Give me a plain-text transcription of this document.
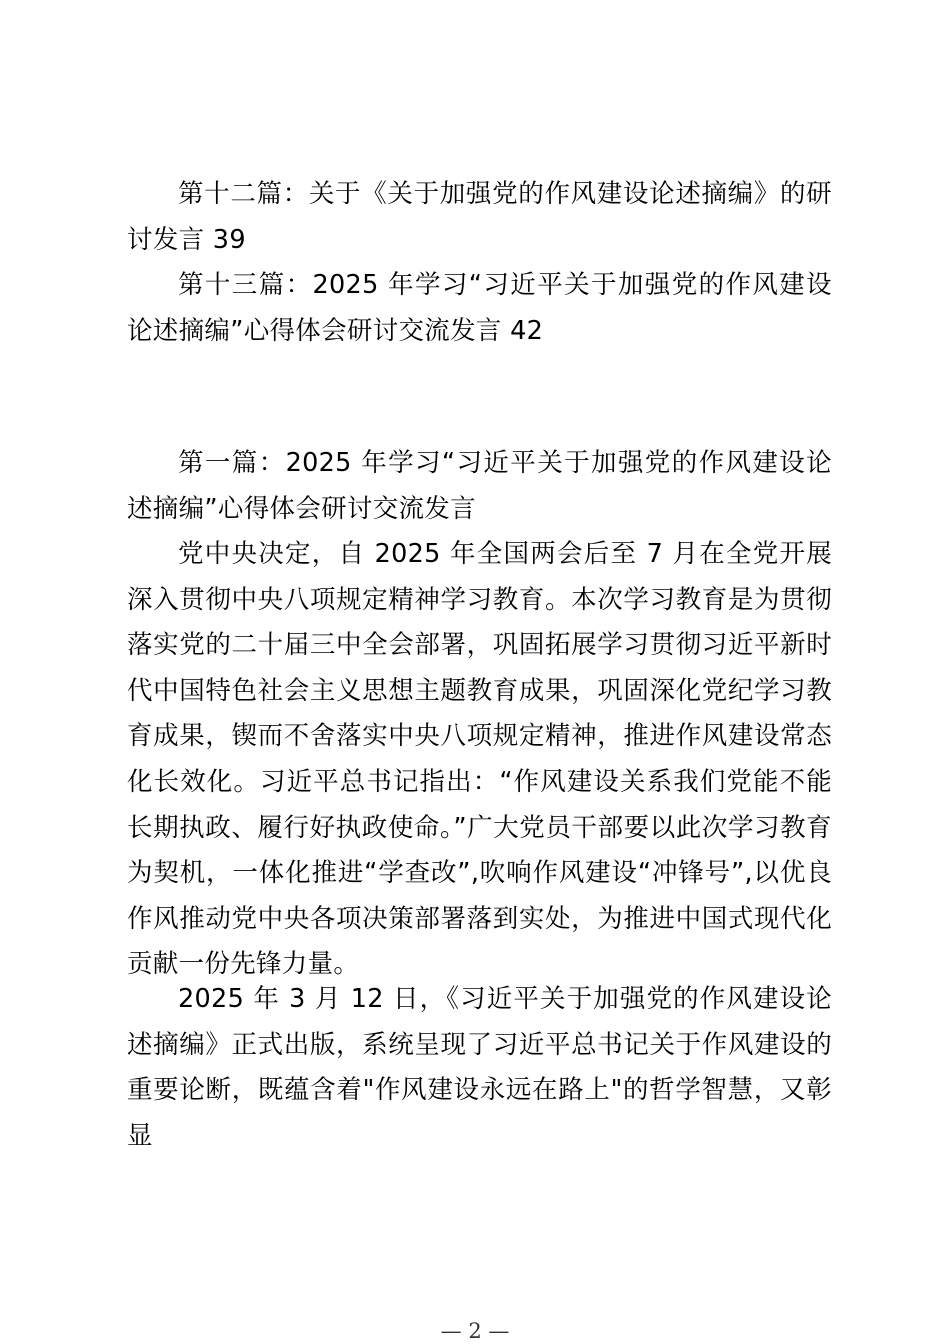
第十二篇：关于《关于加强党的作风建设论述摘编》的研讨发言 39

第十三篇：2025 年学习“习近平关于加强党的作风建设论述摘编”心得体会研讨交流发言 42

第一篇：2025 年学习“习近平关于加强党的作风建设论述摘编”心得体会研讨交流发言

党中央决定，自 2025 年全国两会后至 7 月在全党开展深入贯彻中央八项规定精神学习教育。本次学习教育是为贯彻落实党的二十届三中全会部署，巩固拓展学习贯彻习近平新时代中国特色社会主义思想主题教育成果，巩固深化党纪学习教育成果，锲而不舍落实中央八项规定精神，推进作风建设常态化长效化。习近平总书记指出：“作风建设关系我们党能不能长期执政、履行好执政使命。”广大党员干部要以此次学习教育为契机，一体化推进“学查改”,吹响作风建设“冲锋号”,以优良作风推动党中央各项决策部署落到实处，为推进中国式现代化贡献一份先锋力量。

2025 年 3 月 12 日，《习近平关于加强党的作风建设论述摘编》正式出版，系统呈现了习近平总书记关于作风建设的重要论断，既蕴含着"作风建设永远在路上"的哲学智慧，又彰显

— 2 —
